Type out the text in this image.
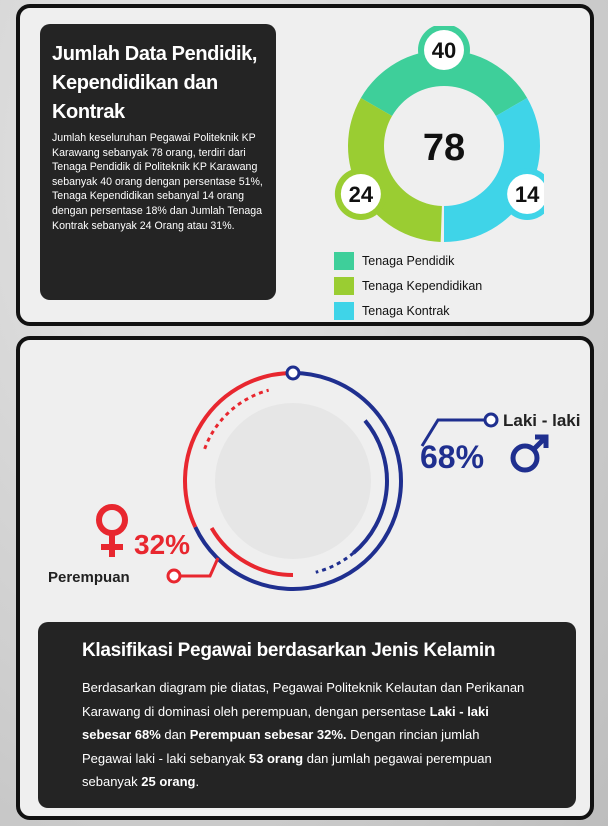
Jumlah Data Pendidik, Kependidikan dan Kontrak

Jumlah keseluruhan Pegawai Politeknik KP Karawang sebanyak 78 orang, terdiri dari Tenaga Pendidik di Politeknik KP Karawang sebanyak 40 orang dengan persentase 51%, Tenaga Kependidikan sebanyal 14 orang dengan persentase 18% dan Jumlah Tenaga Kontrak sebanyak 24 Orang atau 31%.

40
24	14
78
Tenaga Pendidik
Tenaga Kependidikan
Tenaga Kontrak
Laki - laki
68%
Perempuan
32%
Klasifikasi Pegawai berdasarkan Jenis Kelamin

Berdasarkan diagram pie diatas, Pegawai Politeknik Kelautan dan Perikanan Karawang di dominasi oleh perempuan, dengan persentase Laki - laki sebesar 68% dan Perempuan sebesar 32%. Dengan rincian jumlah Pegawai laki - laki sebanyak 53 orang dan jumlah pegawai perempuan sebanyak 25 orang.
